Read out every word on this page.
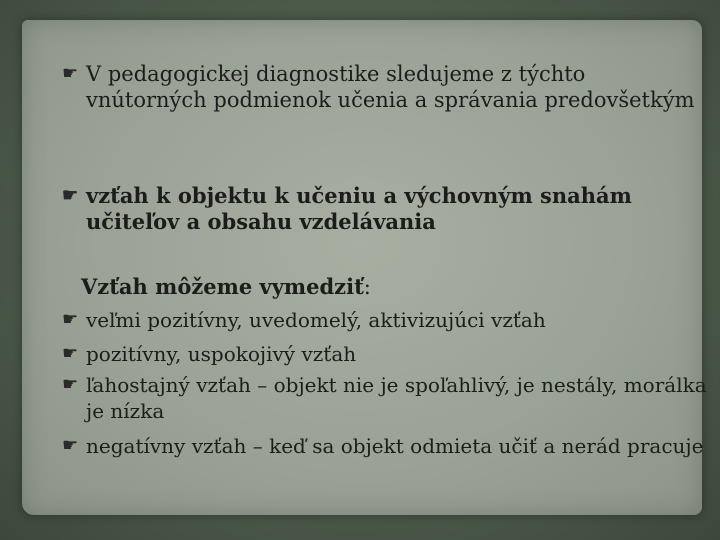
☛ V pedagogickej diagnostike sledujeme z týchto vnútorných podmienok učenia a správania predovšetkým

☛ vzťah k objektu k učeniu a výchovným snahám učiteľov a obsahu vzdelávania

Vzťah môžeme vymedziť:

☛ veľmi pozitívny, uvedomelý, aktivizujúci vzťah

☛ pozitívny, uspokojivý vzťah

☛ ľahostajný vzťah – objekt nie je spoľahlivý, je nestály, morálka je nízka

☛ negatívny vzťah – keď sa objekt odmieta učiť a nerád pracuje
